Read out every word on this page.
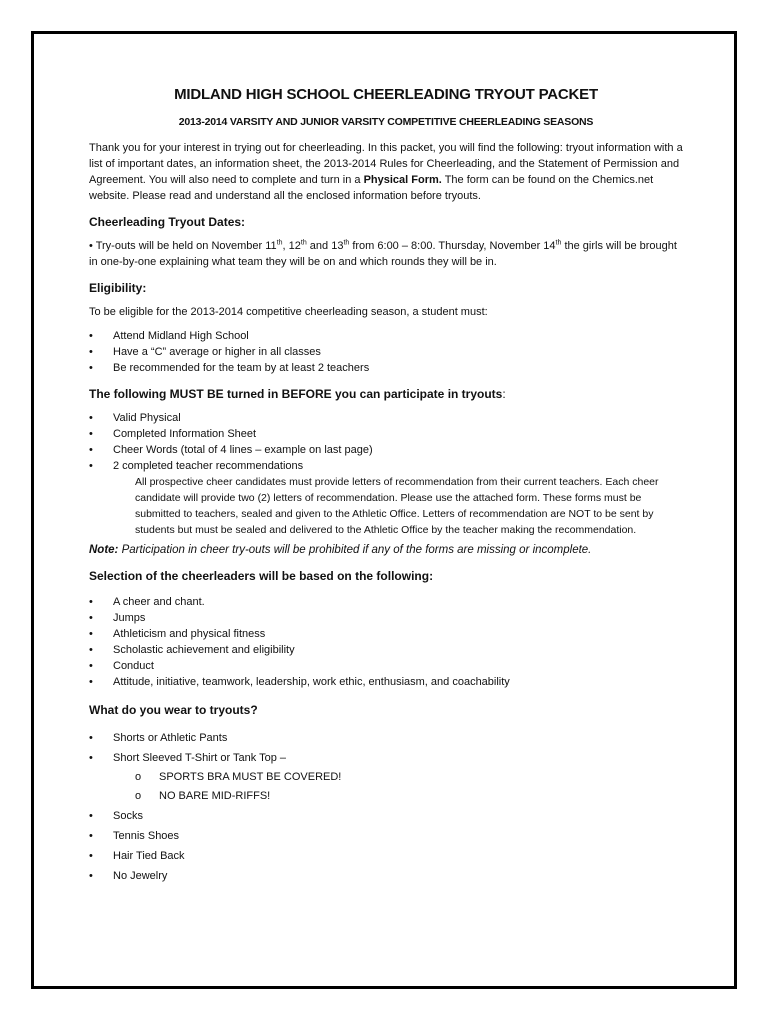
MIDLAND HIGH SCHOOL CHEERLEADING TRYOUT PACKET
2013-2014 VARSITY AND JUNIOR VARSITY COMPETITIVE CHEERLEADING SEASONS

Thank you for your interest in trying out for cheerleading. In this packet, you will find the following: tryout information with a list of important dates, an information sheet, the 2013-2014 Rules for Cheerleading, and the Statement of Permission and Agreement. You will also need to complete and turn in a Physical Form. The form can be found on the Chemics.net website. Please read and understand all the enclosed information before tryouts.

Cheerleading Tryout Dates:

• Try-outs will be held on November 11th, 12th and 13th from 6:00 – 8:00. Thursday, November 14th the girls will be brought in one-by-one explaining what team they will be on and which rounds they will be in.

Eligibility:

To be eligible for the 2013-2014 competitive cheerleading season, a student must:

• Attend Midland High School
• Have a “C” average or higher in all classes
• Be recommended for the team by at least 2 teachers
The following MUST BE turned in BEFORE you can participate in tryouts:
• Valid Physical
• Completed Information Sheet
• Cheer Words (total of 4 lines – example on last page)
• 2 completed teacher recommendations

All prospective cheer candidates must provide letters of recommendation from their current teachers. Each cheer candidate will provide two (2) letters of recommendation. Please use the attached form. These forms must be submitted to teachers, sealed and given to the Athletic Office. Letters of recommendation are NOT to be sent by students but must be sealed and delivered to the Athletic Office by the teacher making the recommendation.

Note: Participation in cheer try-outs will be prohibited if any of the forms are missing or incomplete.
Selection of the cheerleaders will be based on the following:
• A cheer and chant.
• Jumps
• Athleticism and physical fitness
• Scholastic achievement and eligibility
• Conduct
• Attitude, initiative, teamwork, leadership, work ethic, enthusiasm, and coachability
What do you wear to tryouts?
• Shorts or Athletic Pants
• Short Sleeved T-Shirt or Tank Top –
o SPORTS BRA MUST BE COVERED!
o NO BARE MID-RIFFS!
• Socks
• Tennis Shoes
• Hair Tied Back
• No Jewelry
